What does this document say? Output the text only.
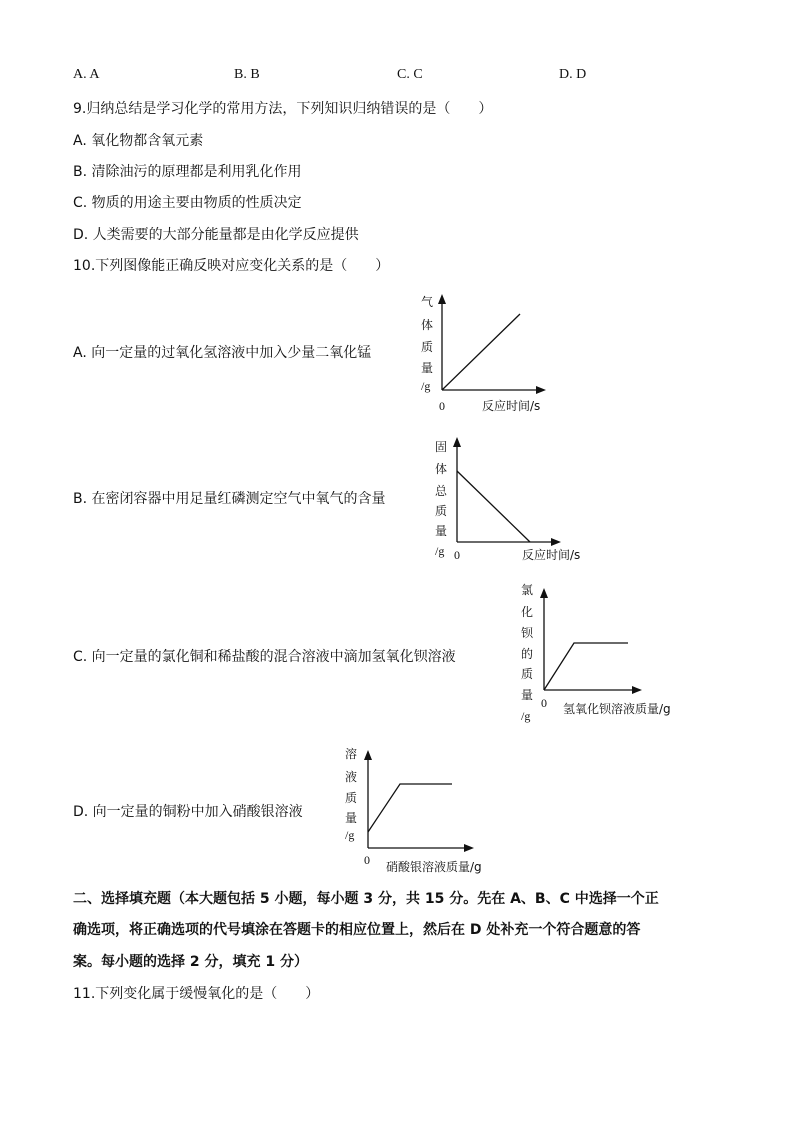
A. A	B. B	C. C	D. D
9.归纳总结是学习化学的常用方法，下列知识归纳错误的是（　　）
A. 氧化物都含氧元素
B. 清除油污的原理都是利用乳化作用
C. 物质的用途主要由物质的性质决定
D. 人类需要的大部分能量都是由化学反应提供
10.下列图像能正确反映对应变化关系的是（　　）
A. 向一定量的过氧化氢溶液中加入少量二氧化锰
气
体
质
量
/g
0	反应时间/s
B. 在密闭容器中用足量红磷测定空气中氧气的含量
固
体
总
质
量
/g 0	反应时间/s
C. 向一定量的氯化铜和稀盐酸的混合溶液中滴加氢氧化钡溶液
氯
化
钡
的
质
量
/g
0 氢氧化钡溶液质量/g
D. 向一定量的铜粉中加入硝酸银溶液
溶
液
质
量
/g
0 硝酸银溶液质量/g
二、选择填充题（本大题包括 5 小题，每小题 3 分，共 15 分。先在 A、B、C 中选择一个正
确选项，将正确选项的代号填涂在答题卡的相应位置上，然后在 D 处补充一个符合题意的答
案。每小题的选择 2 分，填充 1 分）
11.下列变化属于缓慢氧化的是（　　）
